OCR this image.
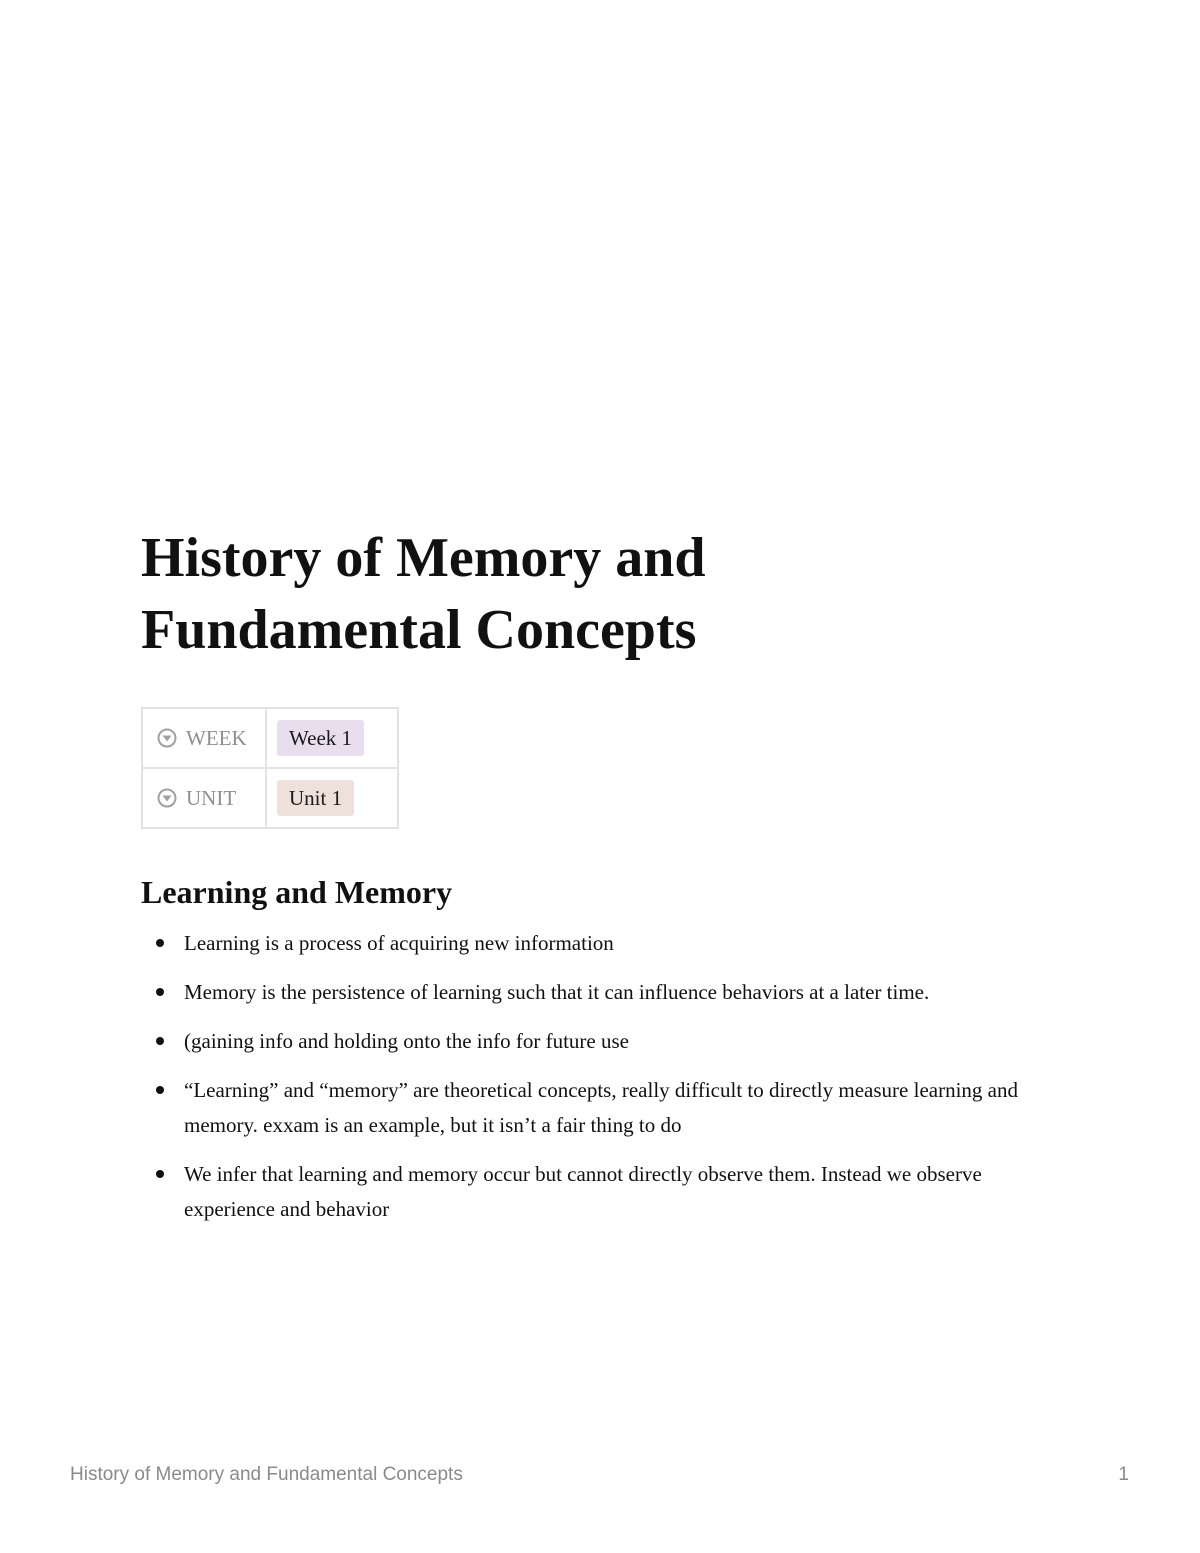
History of Memory and Fundamental Concepts
WEEK	Week 1
UNIT	Unit 1
Learning and Memory
Learning is a process of acquiring new information
Memory is the persistence of learning such that it can influence behaviors at a later time.
(gaining info and holding onto the info for future use
“Learning” and “memory” are theoretical concepts, really difficult to directly measure learning and memory. exxam is an example, but it isn’t a fair thing to do
We infer that learning and memory occur but cannot directly observe them. Instead we observe experience and behavior
History of Memory and Fundamental Concepts	1
